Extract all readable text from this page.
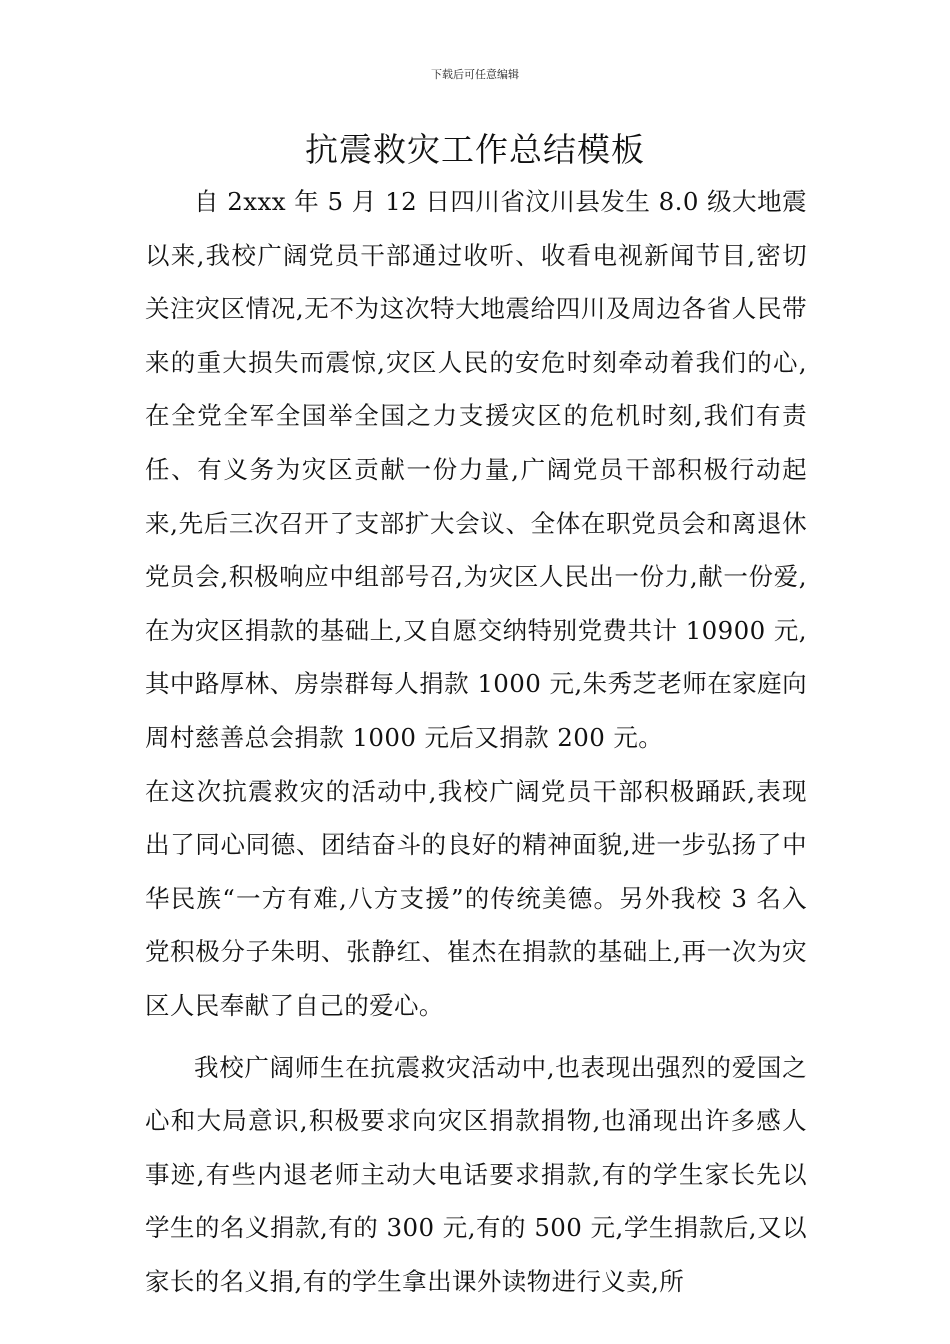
下载后可任意编辑
抗震救灾工作总结模板

自 2xxx 年 5 月 12 日四川省汶川县发生 8.0 级大地震以来,我校广阔党员干部通过收听、收看电视新闻节目,密切关注灾区情况,无不为这次特大地震给四川及周边各省人民带来的重大损失而震惊,灾区人民的安危时刻牵动着我们的心,在全党全军全国举全国之力支援灾区的危机时刻,我们有责任、有义务为灾区贡献一份力量,广阔党员干部积极行动起来,先后三次召开了支部扩大会议、全体在职党员会和离退休党员会,积极响应中组部号召,为灾区人民出一份力,献一份爱,在为灾区捐款的基础上,又自愿交纳特别党费共计 10900 元,其中路厚林、房崇群每人捐款 1000 元,朱秀芝老师在家庭向周村慈善总会捐款 1000 元后又捐款 200 元。

在这次抗震救灾的活动中,我校广阔党员干部积极踊跃,表现出了同心同德、团结奋斗的良好的精神面貌,进一步弘扬了中华民族“一方有难,八方支援”的传统美德。另外我校 3 名入党积极分子朱明、张静红、崔杰在捐款的基础上,再一次为灾区人民奉献了自己的爱心。

我校广阔师生在抗震救灾活动中,也表现出强烈的爱国之心和大局意识,积极要求向灾区捐款捐物,也涌现出许多感人事迹,有些内退老师主动大电话要求捐款,有的学生家长先以学生的名义捐款,有的 300 元,有的 500 元,学生捐款后,又以家长的名义捐,有的学生拿出课外读物进行义卖,所
